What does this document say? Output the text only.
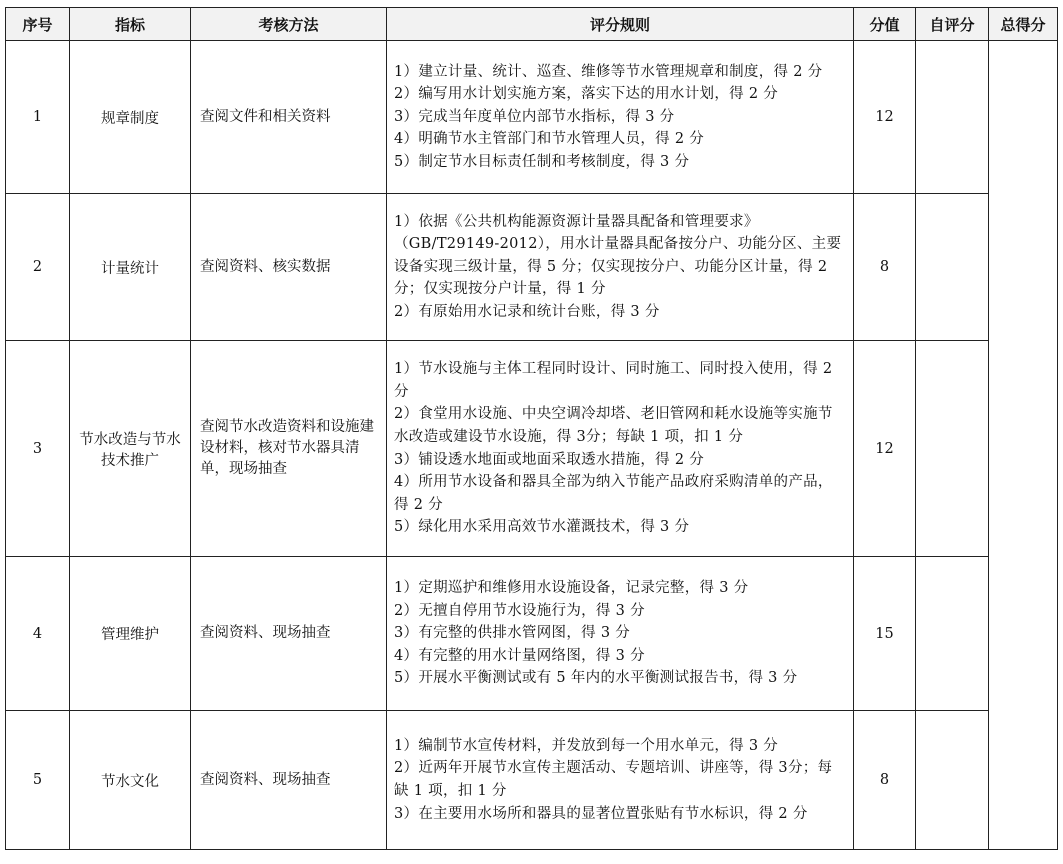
序号	指标	考核方法	评分规则	分值	自评分	总得分
1	规章制度	查阅文件和相关资料	1）建立计量、统计、巡查、维修等节水管理规章和制度，得 2 分
2）编写用水计划实施方案，落实下达的用水计划，得 2 分
3）完成当年度单位内部节水指标，得 3 分
4）明确节水主管部门和节水管理人员，得 2 分
5）制定节水目标责任制和考核制度，得 3 分	12		
2	计量统计	查阅资料、核实数据	1）依据《公共机构能源资源计量器具配备和管理要求》（GB/T29149-2012），用水计量器具配备按分户、功能分区、主要设备实现三级计量，得 5 分；仅实现按分户、功能分区计量，得 2 分；仅实现按分户计量，得 1 分
2）有原始用水记录和统计台账，得 3 分	8		
3	节水改造与节水技术推广	查阅节水改造资料和设施建设材料，核对节水器具清单，现场抽查	1）节水设施与主体工程同时设计、同时施工、同时投入使用，得 2 分
2）食堂用水设施、中央空调冷却塔、老旧管网和耗水设施等实施节水改造或建设节水设施，得 3分；每缺 1 项，扣 1 分
3）铺设透水地面或地面采取透水措施，得 2 分
4）所用节水设备和器具全部为纳入节能产品政府采购清单的产品，得 2 分
5）绿化用水采用高效节水灌溉技术，得 3 分	12		
4	管理维护	查阅资料、现场抽查	1）定期巡护和维修用水设施设备，记录完整，得 3 分
2）无擅自停用节水设施行为，得 3 分
3）有完整的供排水管网图，得 3 分
4）有完整的用水计量网络图，得 3 分
5）开展水平衡测试或有 5 年内的水平衡测试报告书，得 3 分	15		
5	节水文化	查阅资料、现场抽查	1）编制节水宣传材料，并发放到每一个用水单元，得 3 分
2）近两年开展节水宣传主题活动、专题培训、讲座等，得 3分；每缺 1 项，扣 1 分
3）在主要用水场所和器具的显著位置张贴有节水标识，得 2 分	8		
